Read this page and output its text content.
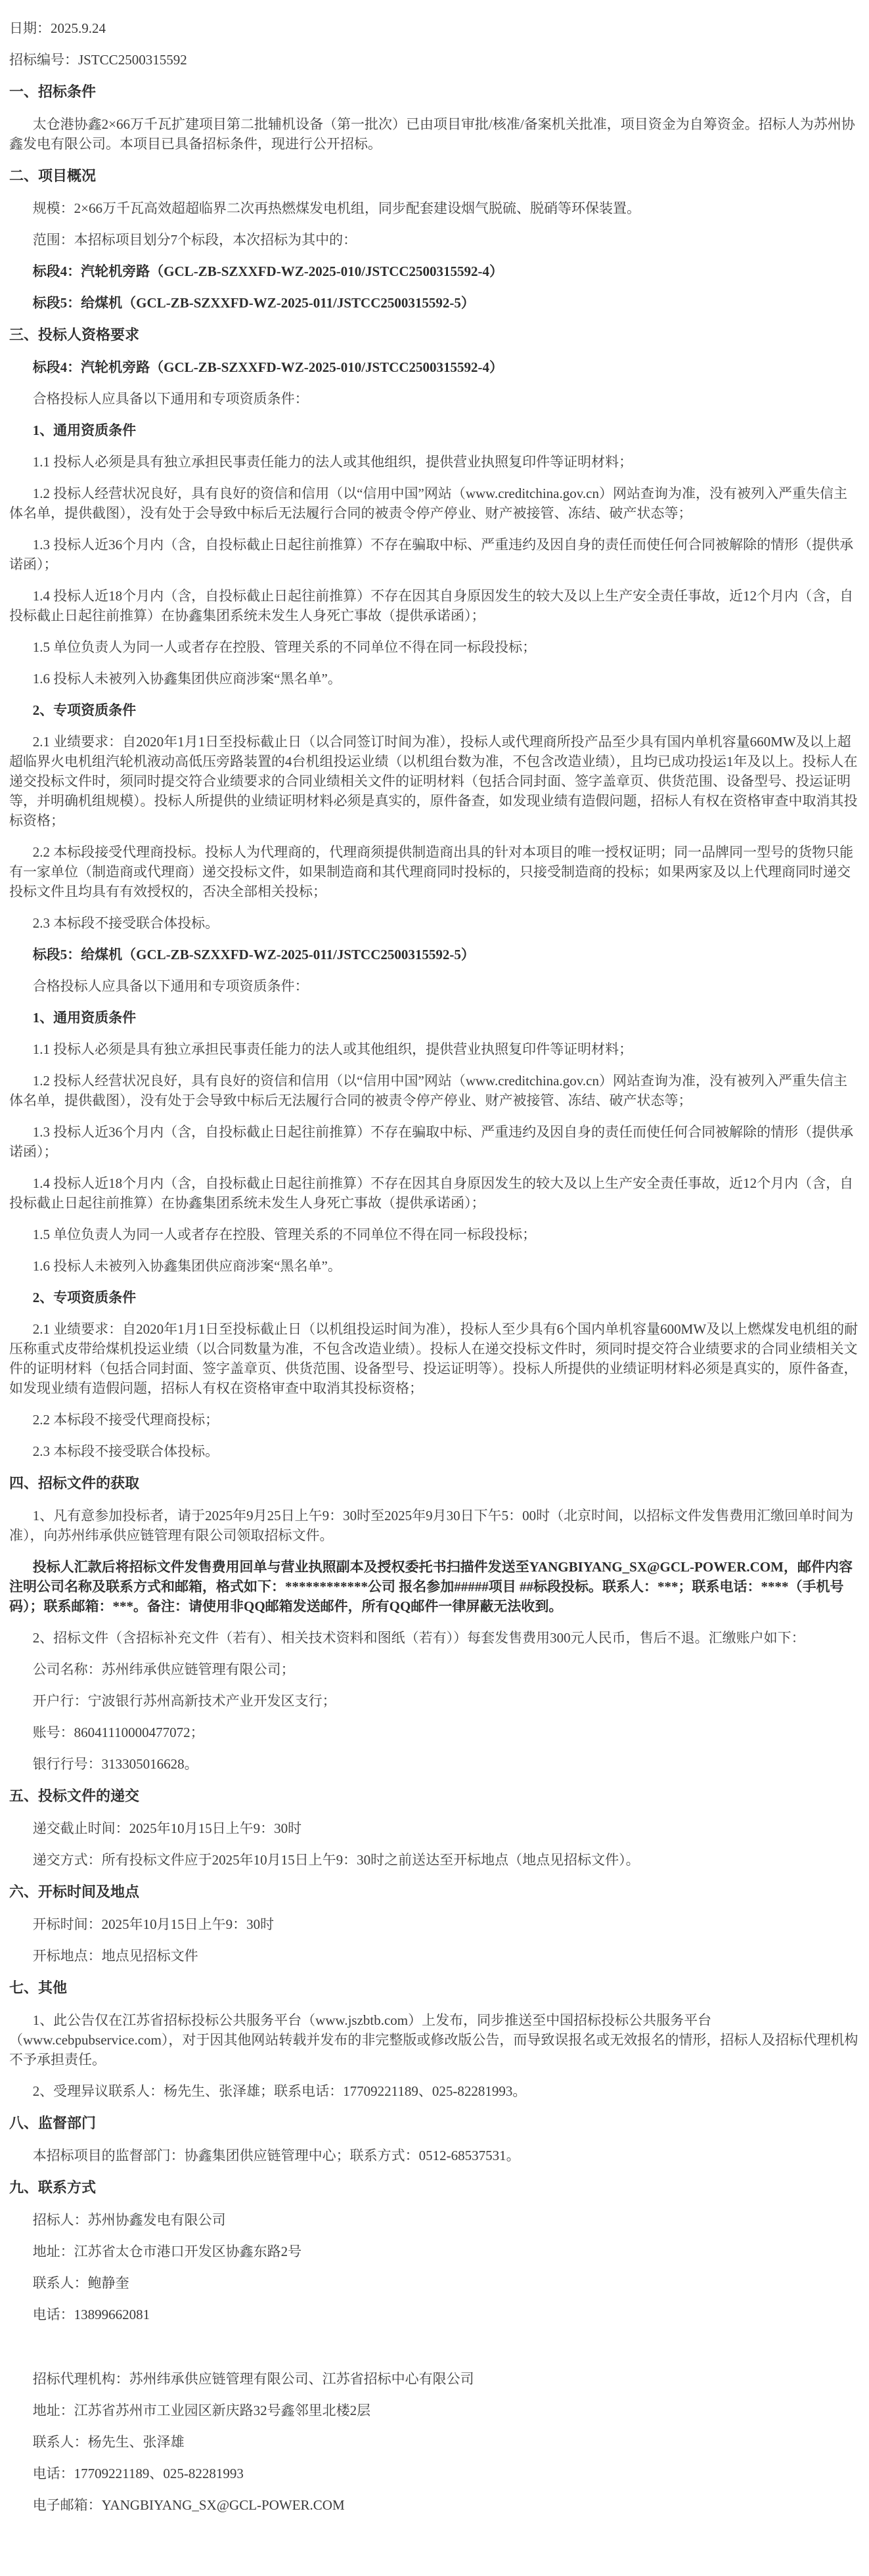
日期：2025.9.24

招标编号：JSTCC2500315592

一、招标条件

太仓港协鑫2×66万千瓦扩建项目第二批辅机设备（第一批次）已由项目审批/核准/备案机关批准，项目资金为自筹资金。招标人为苏州协鑫发电有限公司。本项目已具备招标条件，现进行公开招标。

二、项目概况

规模：2×66万千瓦高效超超临界二次再热燃煤发电机组，同步配套建设烟气脱硫、脱硝等环保装置。

范围：本招标项目划分7个标段，本次招标为其中的：

标段4：汽轮机旁路（GCL-ZB-SZXXFD-WZ-2025-010/JSTCC2500315592-4）

标段5：给煤机（GCL-ZB-SZXXFD-WZ-2025-011/JSTCC2500315592-5）

三、投标人资格要求

标段4：汽轮机旁路（GCL-ZB-SZXXFD-WZ-2025-010/JSTCC2500315592-4）

合格投标人应具备以下通用和专项资质条件：

1、通用资质条件

1.1 投标人必须是具有独立承担民事责任能力的法人或其他组织，提供营业执照复印件等证明材料；

1.2 投标人经营状况良好，具有良好的资信和信用（以“信用中国”网站（www.creditchina.gov.cn）网站查询为准，没有被列入严重失信主体名单，提供截图），没有处于会导致中标后无法履行合同的被责令停产停业、财产被接管、冻结、破产状态等；

1.3 投标人近36个月内（含，自投标截止日起往前推算）不存在骗取中标、严重违约及因自身的责任而使任何合同被解除的情形（提供承诺函）；

1.4 投标人近18个月内（含，自投标截止日起往前推算）不存在因其自身原因发生的较大及以上生产安全责任事故，近12个月内（含，自投标截止日起往前推算）在协鑫集团系统未发生人身死亡事故（提供承诺函）；

1.5 单位负责人为同一人或者存在控股、管理关系的不同单位不得在同一标段投标；

1.6 投标人未被列入协鑫集团供应商涉案“黑名单”。

2、专项资质条件

2.1 业绩要求：自2020年1月1日至投标截止日（以合同签订时间为准），投标人或代理商所投产品至少具有国内单机容量660MW及以上超超临界火电机组汽轮机液动高低压旁路装置的4台机组投运业绩（以机组台数为准，不包含改造业绩），且均已成功投运1年及以上。投标人在递交投标文件时，须同时提交符合业绩要求的合同业绩相关文件的证明材料（包括合同封面、签字盖章页、供货范围、设备型号、投运证明等，并明确机组规模）。投标人所提供的业绩证明材料必须是真实的，原件备查，如发现业绩有造假问题，招标人有权在资格审查中取消其投标资格；

2.2 本标段接受代理商投标。投标人为代理商的，代理商须提供制造商出具的针对本项目的唯一授权证明；同一品牌同一型号的货物只能有一家单位（制造商或代理商）递交投标文件，如果制造商和其代理商同时投标的，只接受制造商的投标；如果两家及以上代理商同时递交投标文件且均具有有效授权的，否决全部相关投标；

2.3 本标段不接受联合体投标。

标段5：给煤机（GCL-ZB-SZXXFD-WZ-2025-011/JSTCC2500315592-5）

合格投标人应具备以下通用和专项资质条件：

1、通用资质条件

1.1 投标人必须是具有独立承担民事责任能力的法人或其他组织，提供营业执照复印件等证明材料；

1.2 投标人经营状况良好，具有良好的资信和信用（以“信用中国”网站（www.creditchina.gov.cn）网站查询为准，没有被列入严重失信主体名单，提供截图），没有处于会导致中标后无法履行合同的被责令停产停业、财产被接管、冻结、破产状态等；

1.3 投标人近36个月内（含，自投标截止日起往前推算）不存在骗取中标、严重违约及因自身的责任而使任何合同被解除的情形（提供承诺函）；

1.4 投标人近18个月内（含，自投标截止日起往前推算）不存在因其自身原因发生的较大及以上生产安全责任事故，近12个月内（含，自投标截止日起往前推算）在协鑫集团系统未发生人身死亡事故（提供承诺函）；

1.5 单位负责人为同一人或者存在控股、管理关系的不同单位不得在同一标段投标；

1.6 投标人未被列入协鑫集团供应商涉案“黑名单”。

2、专项资质条件

2.1 业绩要求：自2020年1月1日至投标截止日（以机组投运时间为准），投标人至少具有6个国内单机容量600MW及以上燃煤发电机组的耐压称重式皮带给煤机投运业绩（以合同数量为准，不包含改造业绩）。投标人在递交投标文件时，须同时提交符合业绩要求的合同业绩相关文件的证明材料（包括合同封面、签字盖章页、供货范围、设备型号、投运证明等）。投标人所提供的业绩证明材料必须是真实的，原件备查，如发现业绩有造假问题，招标人有权在资格审查中取消其投标资格；

2.2 本标段不接受代理商投标；

2.3 本标段不接受联合体投标。

四、招标文件的获取

1、凡有意参加投标者，请于2025年9月25日上午9：30时至2025年9月30日下午5：00时（北京时间，以招标文件发售费用汇缴回单时间为准），向苏州纬承供应链管理有限公司领取招标文件。

投标人汇款后将招标文件发售费用回单与营业执照副本及授权委托书扫描件发送至YANGBIYANG_SX@GCL-POWER.COM，邮件内容注明公司名称及联系方式和邮箱，格式如下：************公司 报名参加#####项目 ##标段投标。联系人：***；联系电话：****（手机号码）；联系邮箱：***。备注：请使用非QQ邮箱发送邮件，所有QQ邮件一律屏蔽无法收到。

2、招标文件（含招标补充文件（若有）、相关技术资料和图纸（若有））每套发售费用300元人民币，售后不退。汇缴账户如下：

公司名称：苏州纬承供应链管理有限公司；

开户行：宁波银行苏州高新技术产业开发区支行；

账号：86041110000477072；

银行行号：313305016628。

五、投标文件的递交

递交截止时间：2025年10月15日上午9：30时

递交方式：所有投标文件应于2025年10月15日上午9：30时之前送达至开标地点（地点见招标文件）。

六、开标时间及地点

开标时间：2025年10月15日上午9：30时

开标地点：地点见招标文件

七、其他

1、此公告仅在江苏省招标投标公共服务平台（www.jszbtb.com）上发布，同步推送至中国招标投标公共服务平台（www.cebpubservice.com），对于因其他网站转载并发布的非完整版或修改版公告，而导致误报名或无效报名的情形，招标人及招标代理机构不予承担责任。

2、受理异议联系人：杨先生、张泽雄；联系电话：17709221189、025-82281993。

八、监督部门

本招标项目的监督部门：协鑫集团供应链管理中心；联系方式：0512-68537531。

九、联系方式

招标人：苏州协鑫发电有限公司

地址：江苏省太仓市港口开发区协鑫东路2号

联系人：鲍静奎

电话：13899662081

招标代理机构：苏州纬承供应链管理有限公司、江苏省招标中心有限公司

地址：江苏省苏州市工业园区新庆路32号鑫邻里北楼2层

联系人：杨先生、张泽雄

电话：17709221189、025-82281993

电子邮箱：YANGBIYANG_SX@GCL-POWER.COM
